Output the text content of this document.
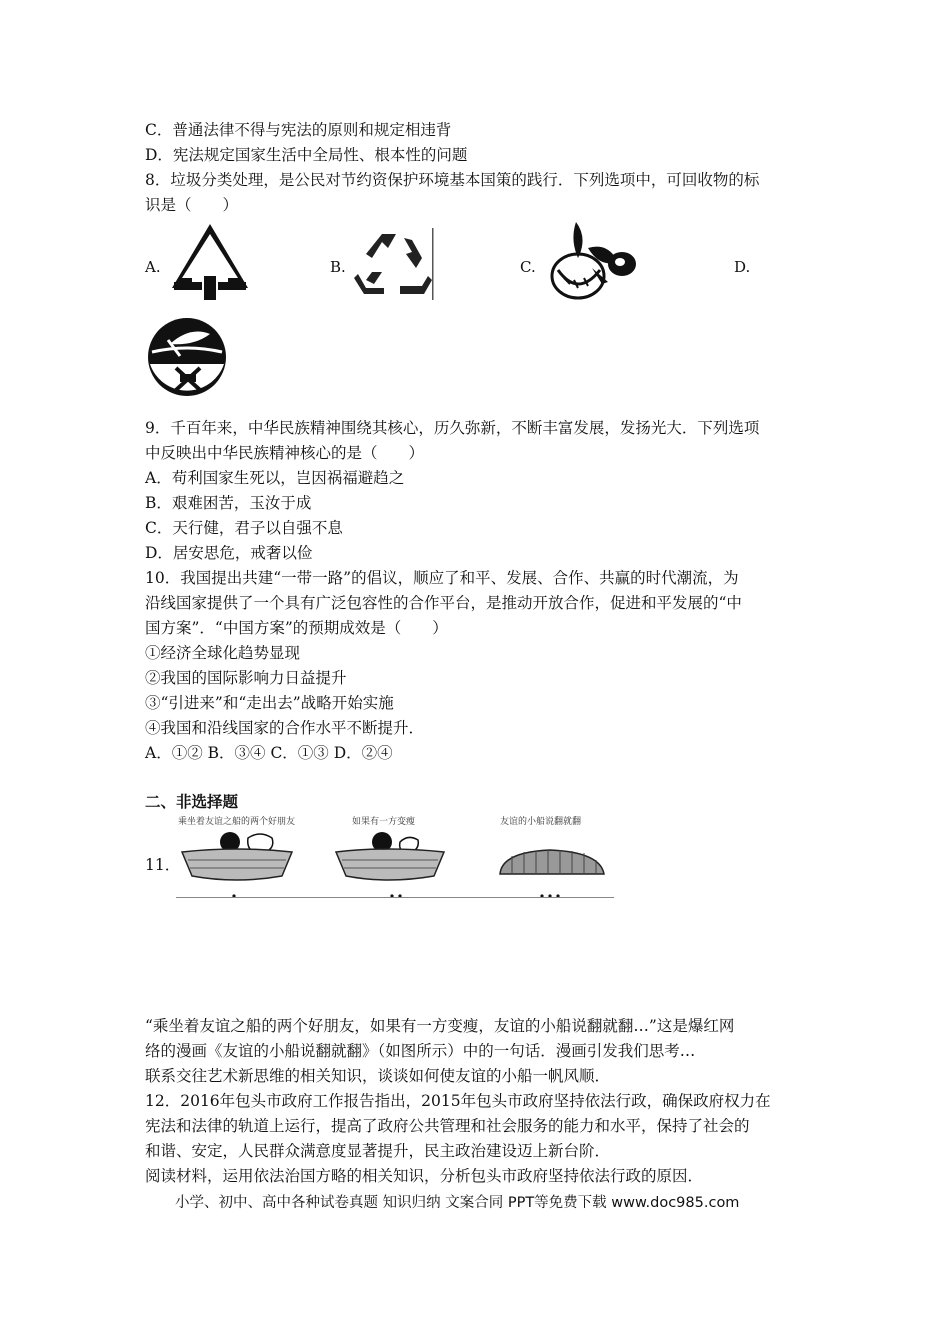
C．普通法律不得与宪法的原则和规定相违背
D．宪法规定国家生活中全局性、根本性的问题
8．垃圾分类处理，是公民对节约资保护环境基本国策的践行．下列选项中，可回收物的标
识是（　　）
A.	B.	C.	D.
9．千百年来，中华民族精神围绕其核心，历久弥新，不断丰富发展，发扬光大．下列选项
中反映出中华民族精神核心的是（　　）
A．苟利国家生死以，岂因祸福避趋之
B．艰难困苦，玉汝于成
C．天行健，君子以自强不息
D．居安思危，戒奢以俭
10．我国提出共建“一带一路”的倡议，顺应了和平、发展、合作、共赢的时代潮流，为
沿线国家提供了一个具有广泛包容性的合作平台，是推动开放合作，促进和平发展的“中
国方案”．“中国方案”的预期成效是（　　）
①经济全球化趋势显现
②我国的国际影响力日益提升
③“引进来”和“走出去”战略开始实施
④我国和沿线国家的合作水平不断提升．
A．①② B．③④ C．①③ D．②④
二、非选择题
11．
乘坐着友谊之船的两个好朋友	如果有一方变瘦	友谊的小船说翻就翻
“乘坐着友谊之船的两个好朋友，如果有一方变瘦，友谊的小船说翻就翻…”这是爆红网
络的漫画《友谊的小船说翻就翻》（如图所示）中的一句话．漫画引发我们思考…
联系交往艺术新思维的相关知识，谈谈如何使友谊的小船一帆风顺．
12．2016年包头市政府工作报告指出，2015年包头市政府坚持依法行政，确保政府权力在
宪法和法律的轨道上运行，提高了政府公共管理和社会服务的能力和水平，保持了社会的
和谐、安定，人民群众满意度显著提升，民主政治建设迈上新台阶．
阅读材料，运用依法治国方略的相关知识，分析包头市政府坚持依法行政的原因．
小学、初中、高中各种试卷真题 知识归纳 文案合同 PPT等免费下载 www.doc985.com
